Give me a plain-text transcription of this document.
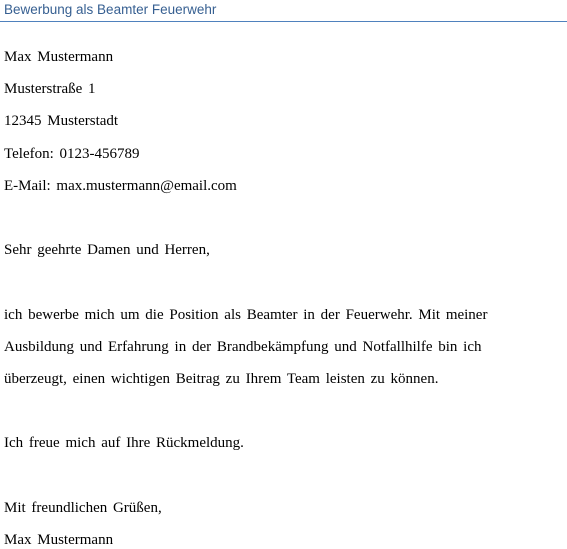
Bewerbung als Beamter Feuerwehr
Max Mustermann
Musterstraße 1
12345 Musterstadt
Telefon: 0123-456789
E-Mail: max.mustermann@email.com
Sehr geehrte Damen und Herren,
ich bewerbe mich um die Position als Beamter in der Feuerwehr. Mit meiner
Ausbildung und Erfahrung in der Brandbekämpfung und Notfallhilfe bin ich
überzeugt, einen wichtigen Beitrag zu Ihrem Team leisten zu können.
Ich freue mich auf Ihre Rückmeldung.
Mit freundlichen Grüßen,
Max Mustermann
